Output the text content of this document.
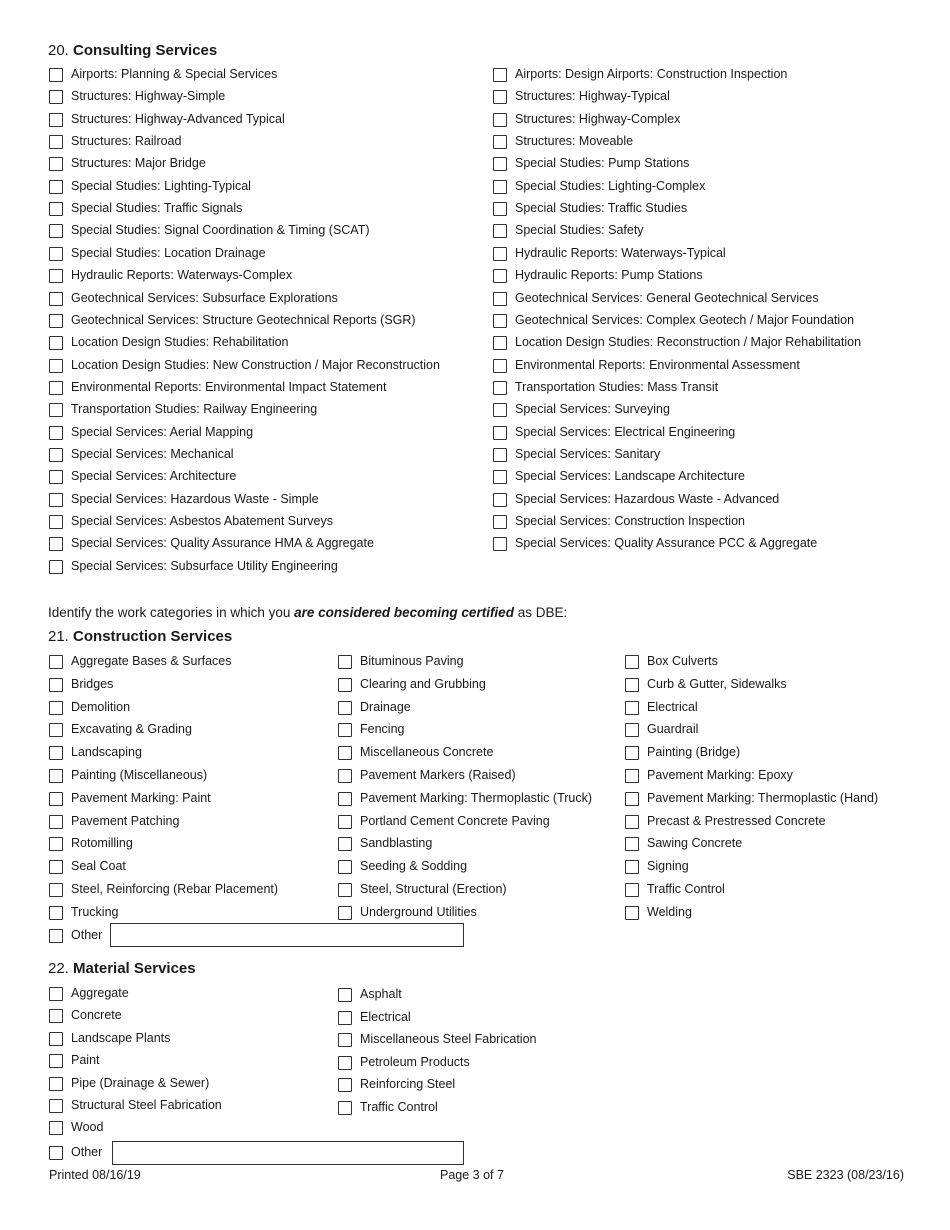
20. Consulting Services
Airports: Planning & Special Services
Structures: Highway-Simple
Structures: Highway-Advanced Typical
Structures: Railroad
Structures: Major Bridge
Special Studies: Lighting-Typical
Special Studies: Traffic Signals
Special Studies: Signal Coordination & Timing (SCAT)
Special Studies: Location Drainage
Hydraulic Reports: Waterways-Complex
Geotechnical Services: Subsurface Explorations
Geotechnical Services: Structure Geotechnical Reports (SGR)
Location Design Studies: Rehabilitation
Location Design Studies: New Construction / Major Reconstruction
Environmental Reports: Environmental Impact Statement
Transportation Studies: Railway Engineering
Special Services: Aerial Mapping
Special Services: Mechanical
Special Services: Architecture
Special Services: Hazardous Waste - Simple
Special Services: Asbestos Abatement Surveys
Special Services: Quality Assurance HMA & Aggregate
Special Services: Subsurface Utility Engineering
Airports: Design Airports: Construction Inspection
Structures: Highway-Typical
Structures: Highway-Complex
Structures: Moveable
Special Studies: Pump Stations
Special Studies: Lighting-Complex
Special Studies: Traffic Studies
Special Studies: Safety
Hydraulic Reports: Waterways-Typical
Hydraulic Reports: Pump Stations
Geotechnical Services: General Geotechnical Services
Geotechnical Services: Complex Geotech / Major Foundation
Location Design Studies: Reconstruction / Major Rehabilitation
Environmental Reports: Environmental Assessment
Transportation Studies: Mass Transit
Special Services: Surveying
Special Services: Electrical Engineering
Special Services: Sanitary
Special Services: Landscape Architecture
Special Services: Hazardous Waste - Advanced
Special Services: Construction Inspection
Special Services: Quality Assurance PCC & Aggregate
Identify the work categories in which you are considered becoming certified as DBE:
21. Construction Services
Aggregate Bases & Surfaces
Bridges
Demolition
Excavating & Grading
Landscaping
Painting (Miscellaneous)
Pavement Marking: Paint
Pavement Patching
Rotomilling
Seal Coat
Steel, Reinforcing (Rebar Placement)
Trucking
Bituminous Paving
Clearing and Grubbing
Drainage
Fencing
Miscellaneous Concrete
Pavement Markers (Raised)
Pavement Marking: Thermoplastic (Truck)
Portland Cement Concrete Paving
Sandblasting
Seeding & Sodding
Steel, Structural (Erection)
Underground Utilities
Box Culverts
Curb & Gutter, Sidewalks
Electrical
Guardrail
Painting (Bridge)
Pavement Marking: Epoxy
Pavement Marking: Thermoplastic (Hand)
Precast & Prestressed Concrete
Sawing Concrete
Signing
Traffic Control
Welding
Other
22. Material Services
Aggregate
Concrete
Landscape Plants
Paint
Pipe (Drainage & Sewer)
Structural Steel Fabrication
Wood
Asphalt
Electrical
Miscellaneous Steel Fabrication
Petroleum Products
Reinforcing Steel
Traffic Control
Other
Printed 08/16/19	Page 3 of 7	SBE 2323 (08/23/16)
